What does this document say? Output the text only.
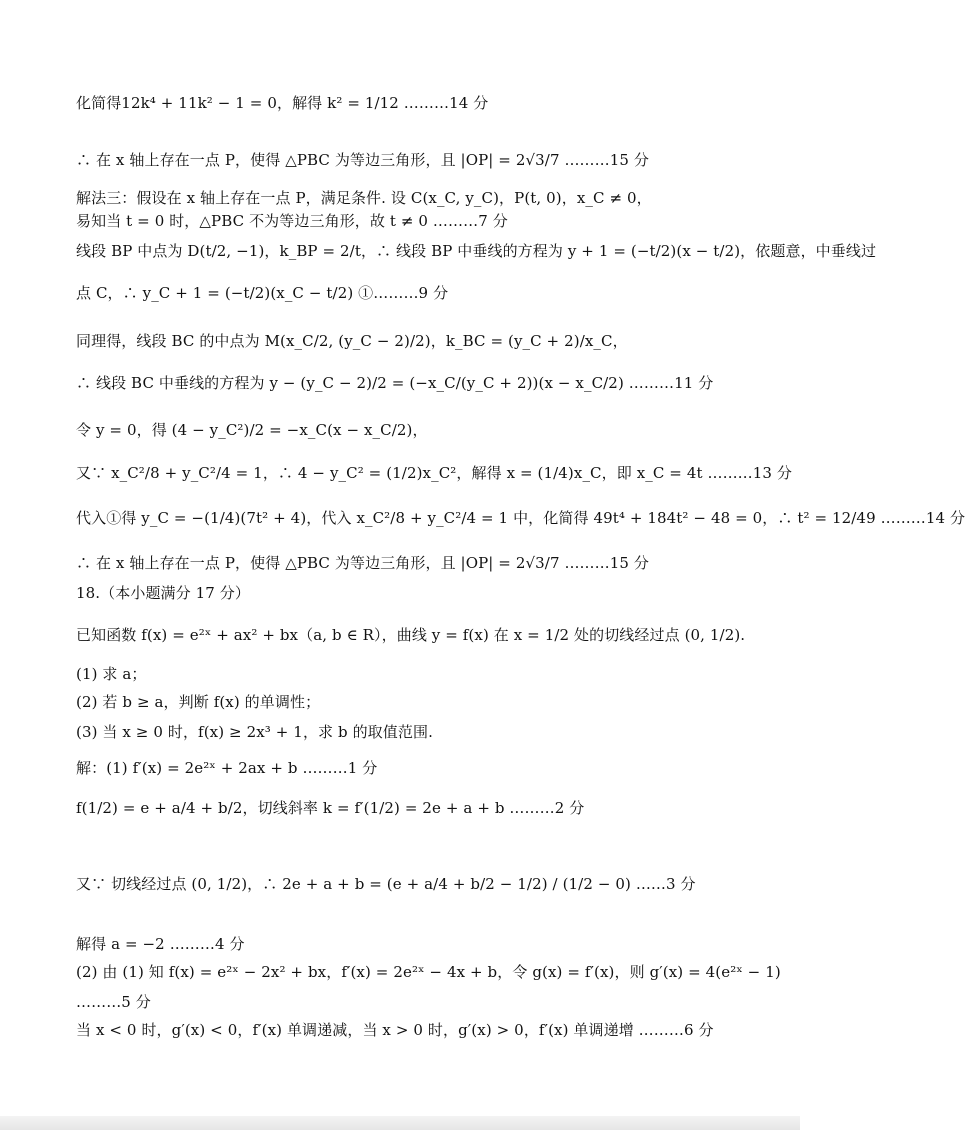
化简得12k⁴ + 11k² − 1 = 0，解得 k² = 1/12 ………14 分
∴ 在 x 轴上存在一点 P，使得 △PBC 为等边三角形，且 |OP| = 2√3/7 ………15 分
解法三：假设在 x 轴上存在一点 P，满足条件. 设 C(x_C, y_C)，P(t, 0)，x_C ≠ 0，
易知当 t = 0 时，△PBC 不为等边三角形，故 t ≠ 0 ………7 分
线段 BP 中点为 D(t/2, −1)，k_BP = 2/t，∴ 线段 BP 中垂线的方程为 y + 1 = (−t/2)(x − t/2)，依题意，中垂线过
点 C，∴ y_C + 1 = (−t/2)(x_C − t/2) ①………9 分
同理得，线段 BC 的中点为 M(x_C/2, (y_C − 2)/2)，k_BC = (y_C + 2)/x_C，
∴ 线段 BC 中垂线的方程为 y − (y_C − 2)/2 = (−x_C/(y_C + 2))(x − x_C/2) ………11 分
令 y = 0，得 (4 − y_C²)/2 = −x_C(x − x_C/2)，
又∵ x_C²/8 + y_C²/4 = 1，∴ 4 − y_C² = (1/2)x_C²，解得 x = (1/4)x_C，即 x_C = 4t ………13 分
代入①得 y_C = −(1/4)(7t² + 4)，代入 x_C²/8 + y_C²/4 = 1 中，化简得 49t⁴ + 184t² − 48 = 0，∴ t² = 12/49 ………14 分
∴ 在 x 轴上存在一点 P，使得 △PBC 为等边三角形，且 |OP| = 2√3/7 ………15 分
18.（本小题满分 17 分）
已知函数 f(x) = e²ˣ + ax² + bx（a, b ∈ R），曲线 y = f(x) 在 x = 1/2 处的切线经过点 (0, 1/2).
(1) 求 a；
(2) 若 b ≥ a，判断 f(x) 的单调性；
(3) 当 x ≥ 0 时，f(x) ≥ 2x³ + 1，求 b 的取值范围.
解：(1) f′(x) = 2e²ˣ + 2ax + b ………1 分
f(1/2) = e + a/4 + b/2，切线斜率 k = f′(1/2) = 2e + a + b ………2 分
又∵ 切线经过点 (0, 1/2)，∴ 2e + a + b = (e + a/4 + b/2 − 1/2) / (1/2 − 0) ……3 分
解得 a = −2 ………4 分
(2) 由 (1) 知 f(x) = e²ˣ − 2x² + bx，f′(x) = 2e²ˣ − 4x + b，令 g(x) = f′(x)，则 g′(x) = 4(e²ˣ − 1)
………5 分
当 x < 0 时，g′(x) < 0，f′(x) 单调递减，当 x > 0 时，g′(x) > 0，f′(x) 单调递增 ………6 分
